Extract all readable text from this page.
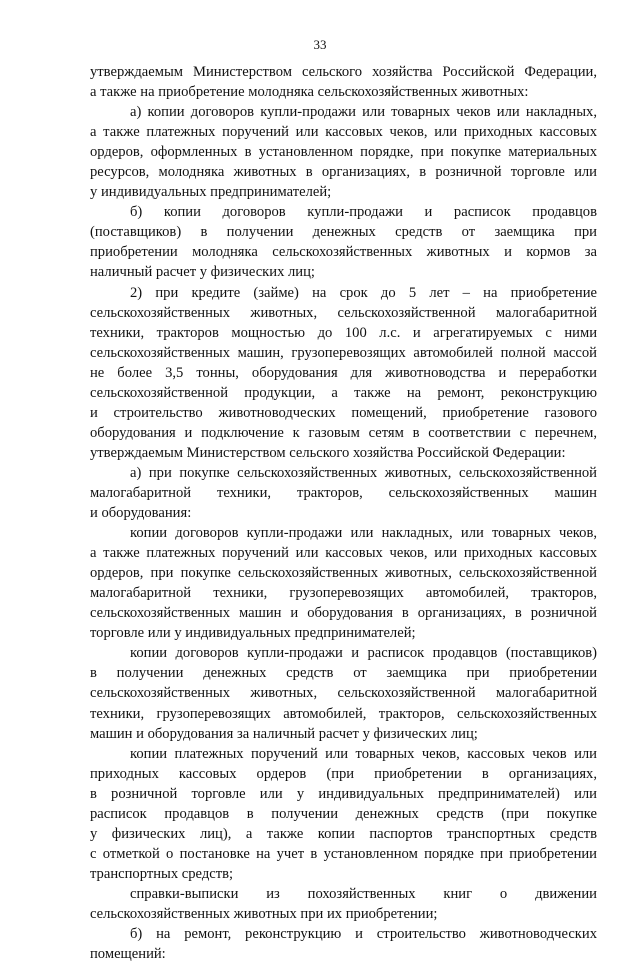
33
утверждаемым Министерством сельского хозяйства Российской Федерации,
а также на приобретение молодняка сельскохозяйственных животных:
а) копии договоров купли-продажи или товарных чеков или накладных,
а также платежных поручений или кассовых чеков, или приходных кассовых
ордеров, оформленных в установленном порядке, при покупке материальных
ресурсов, молодняка животных в организациях, в розничной торговле или
у индивидуальных предпринимателей;
б) копии договоров купли-продажи и расписок продавцов
(поставщиков) в получении денежных средств от заемщика при
приобретении молодняка сельскохозяйственных животных и кормов за
наличный расчет у физических лиц;
2) при кредите (займе) на срок до 5 лет – на приобретение
сельскохозяйственных животных, сельскохозяйственной малогабаритной
техники, тракторов мощностью до 100 л.с. и агрегатируемых с ними
сельскохозяйственных машин, грузоперевозящих автомобилей полной массой
не более 3,5 тонны, оборудования для животноводства и переработки
сельскохозяйственной продукции, а также на ремонт, реконструкцию
и строительство животноводческих помещений, приобретение газового
оборудования и подключение к газовым сетям в соответствии с перечнем,
утверждаемым Министерством сельского хозяйства Российской Федерации:
а) при покупке сельскохозяйственных животных, сельскохозяйственной
малогабаритной техники, тракторов, сельскохозяйственных машин
и оборудования:
копии договоров купли-продажи или накладных, или товарных чеков,
а также платежных поручений или кассовых чеков, или приходных кассовых
ордеров, при покупке сельскохозяйственных животных, сельскохозяйственной
малогабаритной техники, грузоперевозящих автомобилей, тракторов,
сельскохозяйственных машин и оборудования в организациях, в розничной
торговле или у индивидуальных предпринимателей;
копии договоров купли-продажи и расписок продавцов (поставщиков)
в получении денежных средств от заемщика при приобретении
сельскохозяйственных животных, сельскохозяйственной малогабаритной
техники, грузоперевозящих автомобилей, тракторов, сельскохозяйственных
машин и оборудования за наличный расчет у физических лиц;
копии платежных поручений или товарных чеков, кассовых чеков или
приходных кассовых ордеров (при приобретении в организациях,
в розничной торговле или у индивидуальных предпринимателей) или
расписок продавцов в получении денежных средств (при покупке
у физических лиц), а также копии паспортов транспортных средств
с отметкой о постановке на учет в установленном порядке при приобретении
транспортных средств;
справки-выписки из похозяйственных книг о движении
сельскохозяйственных животных при их приобретении;
б) на ремонт, реконструкцию и строительство животноводческих
помещений:
